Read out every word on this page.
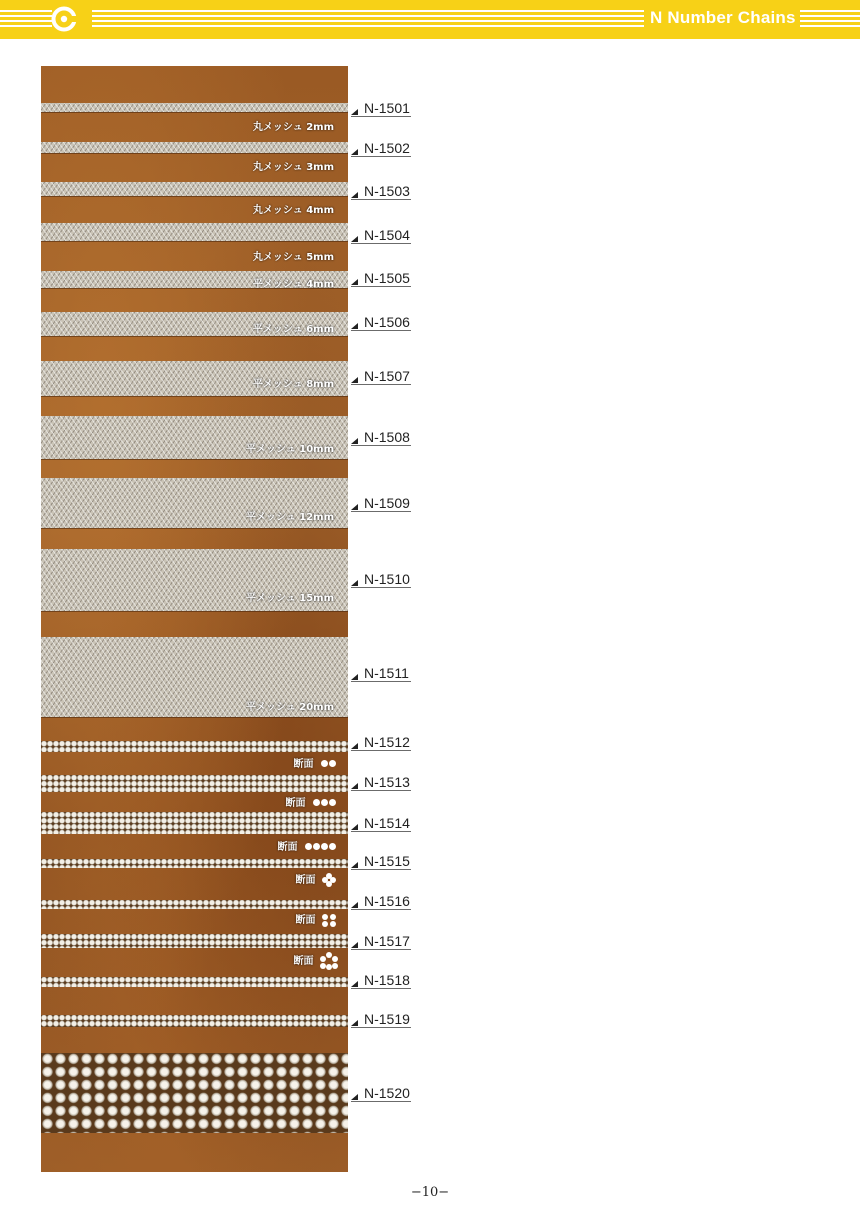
N Number Chains
丸メッシュ 2mm
丸メッシュ 3mm
丸メッシュ 4mm
丸メッシュ 5mm
平メッシュ 4mm
平メッシュ 6mm
平メッシュ 8mm
平メッシュ 10mm
平メッシュ 12mm
平メッシュ 15mm
平メッシュ 20mm
断面
断面
断面
断面
断面
断面
N-1501
N-1502
N-1503
N-1504
N-1505
N-1506
N-1507
N-1508
N-1509
N-1510
N-1511
N-1512
N-1513
N-1514
N-1515
N-1516
N-1517
N-1518
N-1519
N-1520
−10−
